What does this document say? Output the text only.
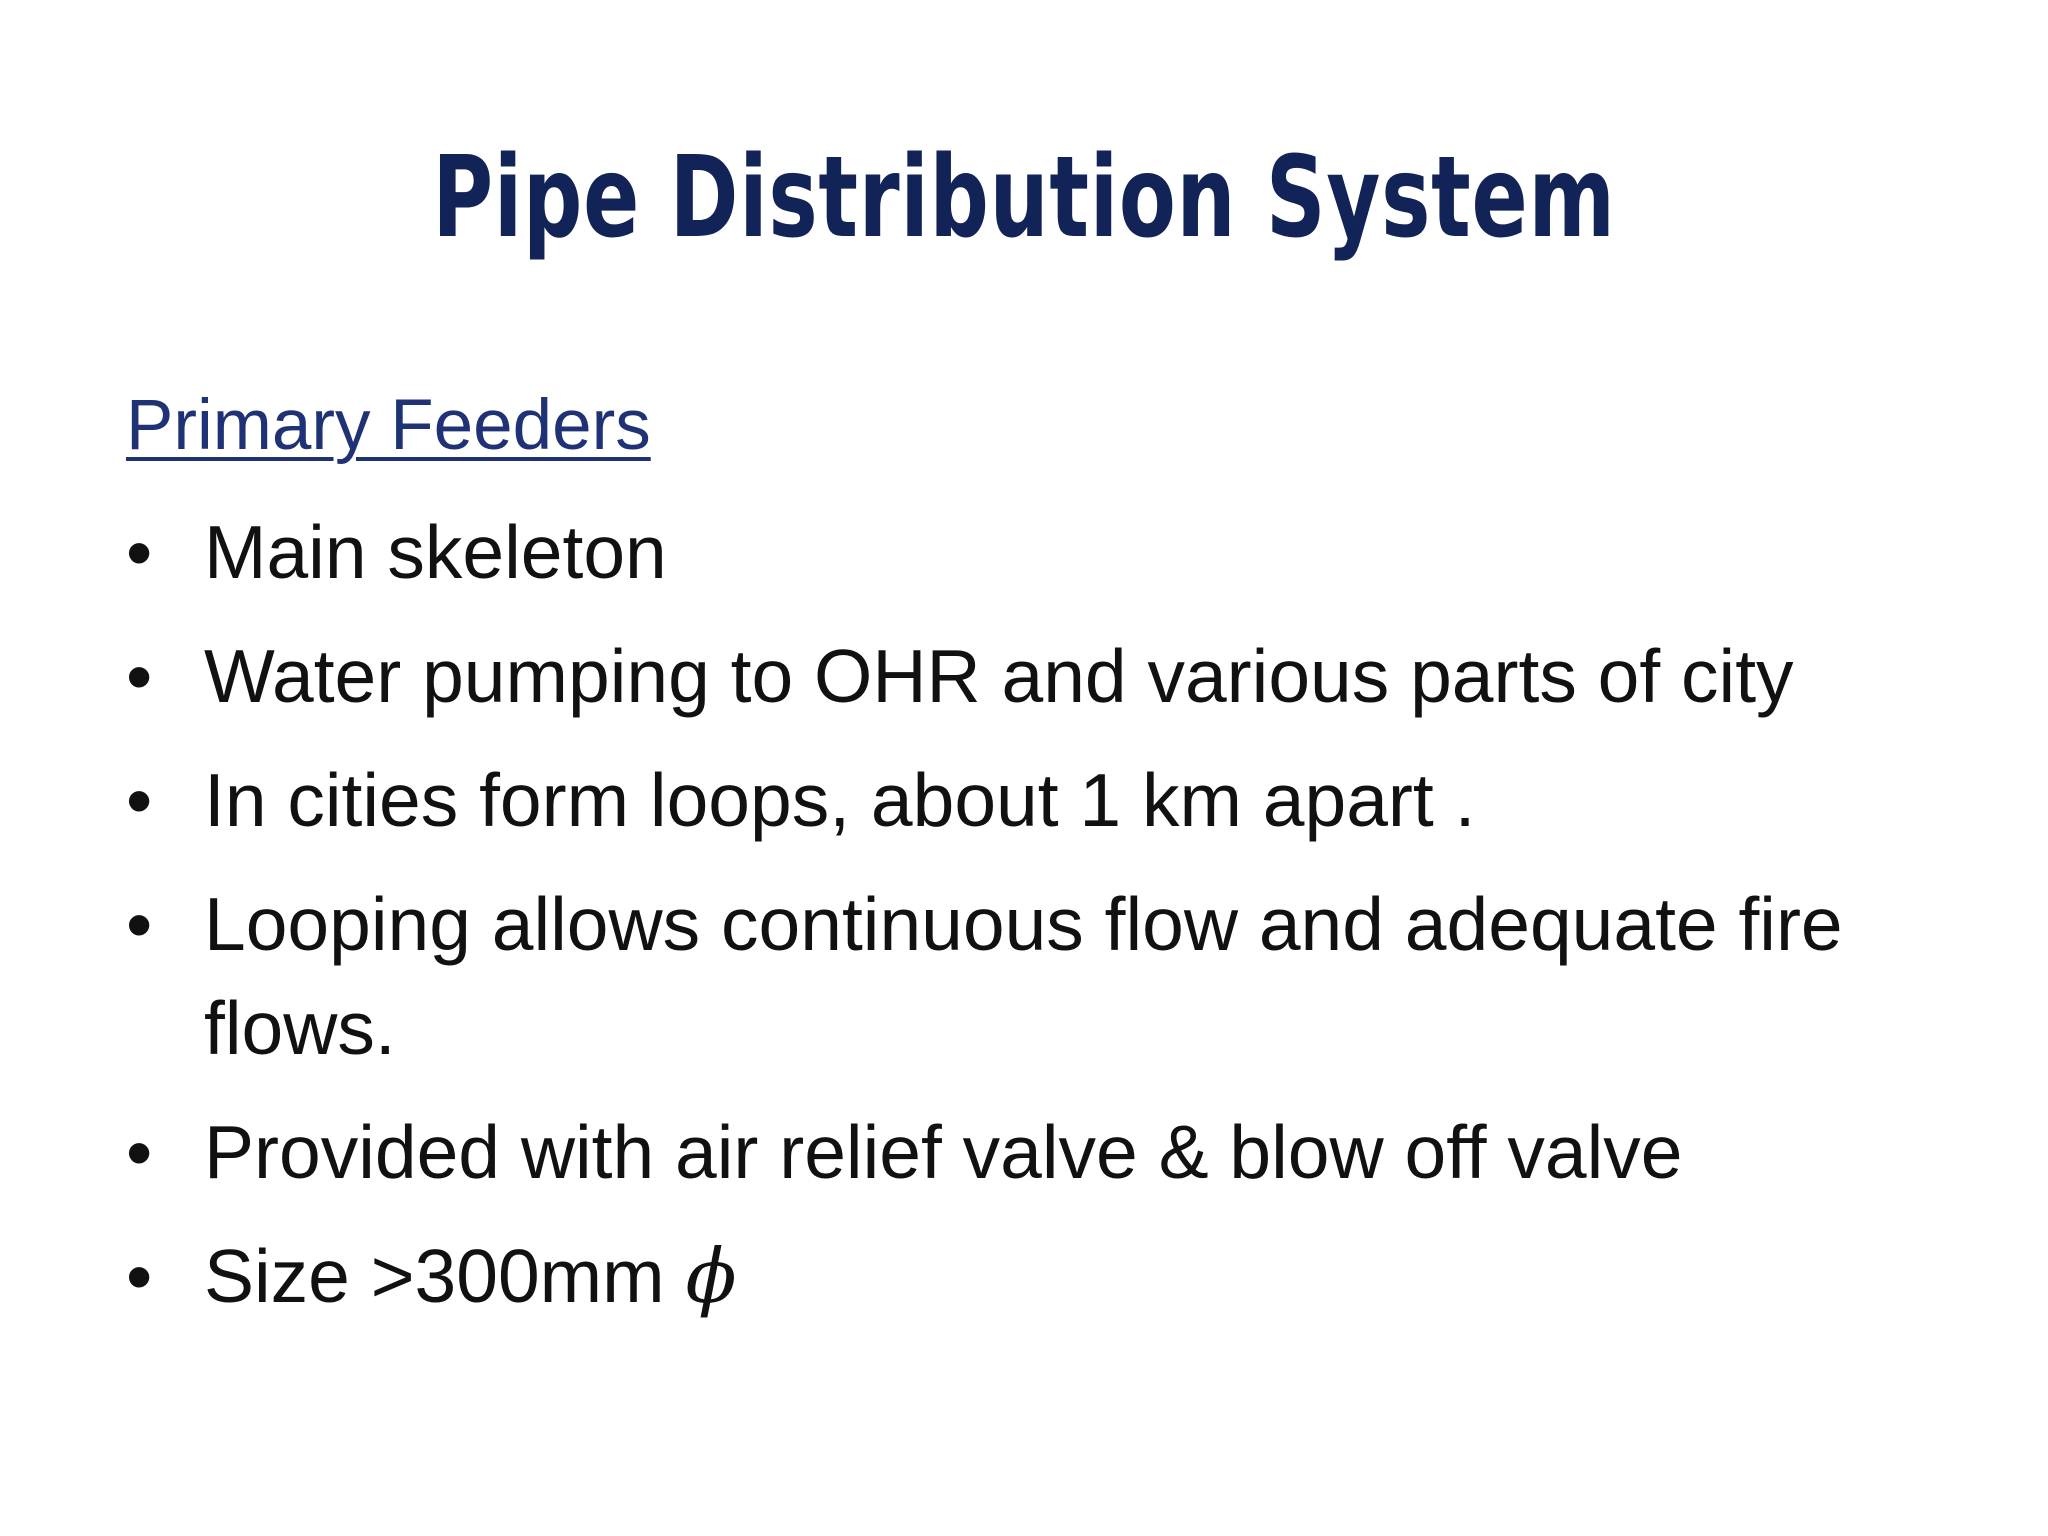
Pipe Distribution System
Primary Feeders
• Main skeleton
• Water pumping to OHR and various parts of city
• In cities form loops, about 1 km apart .
• Looping allows continuous flow and adequate fire flows.
• Provided with air relief valve & blow off valve
• Size >300mm ϕ
